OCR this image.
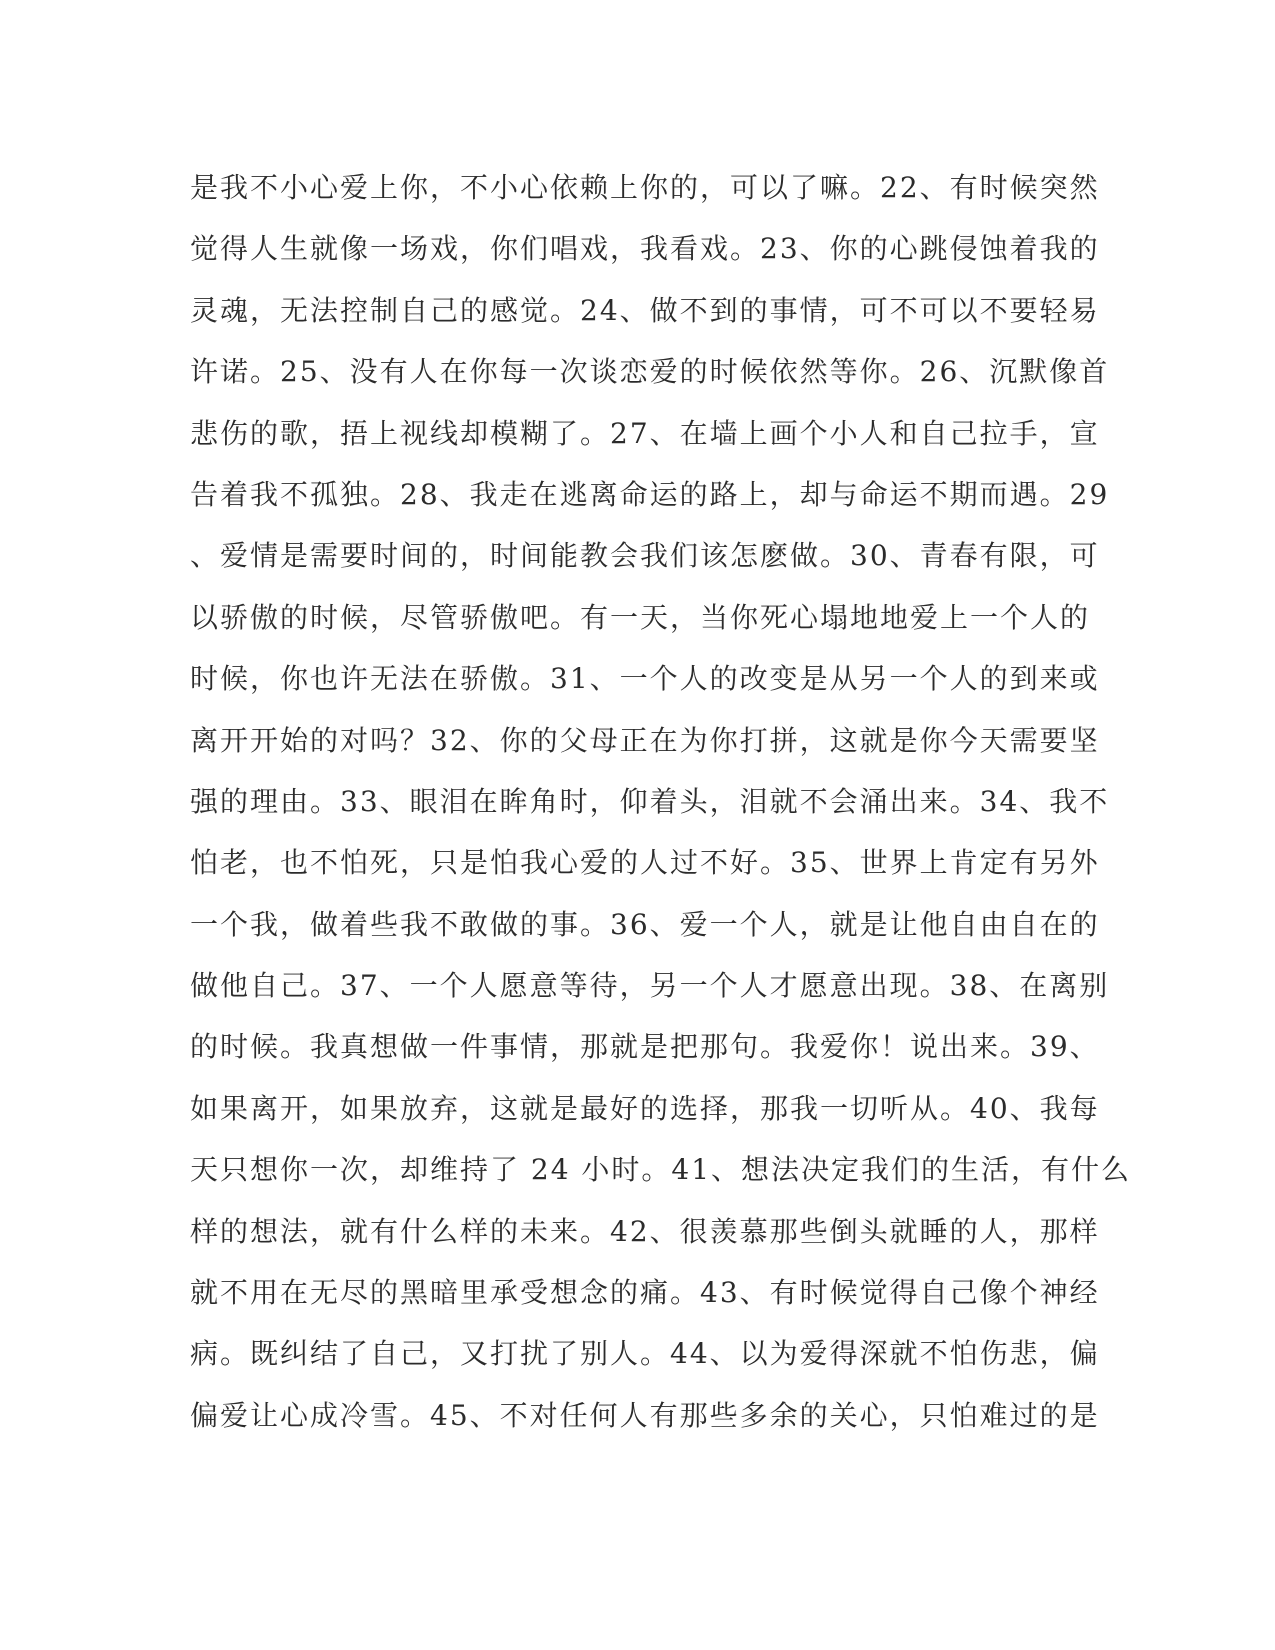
是我不小心爱上你，不小心依赖上你的，可以了嘛。22、有时候突然
觉得人生就像一场戏，你们唱戏，我看戏。23、你的心跳侵蚀着我的
灵魂，无法控制自己的感觉。24、做不到的事情，可不可以不要轻易
许诺。25、没有人在你每一次谈恋爱的时候依然等你。26、沉默像首
悲伤的歌，捂上视线却模糊了。27、在墙上画个小人和自己拉手，宣
告着我不孤独。28、我走在逃离命运的路上，却与命运不期而遇。29
、爱情是需要时间的，时间能教会我们该怎麽做。30、青春有限，可
以骄傲的时候，尽管骄傲吧。有一天，当你死心塌地地爱上一个人的
时候，你也许无法在骄傲。31、一个人的改变是从另一个人的到来或
离开开始的对吗？32、你的父母正在为你打拼，这就是你今天需要坚
强的理由。33、眼泪在眸角时，仰着头，泪就不会涌出来。34、我不
怕老，也不怕死，只是怕我心爱的人过不好。35、世界上肯定有另外
一个我，做着些我不敢做的事。36、爱一个人，就是让他自由自在的
做他自己。37、一个人愿意等待，另一个人才愿意出现。38、在离别
的时候。我真想做一件事情，那就是把那句。我爱你！说出来。39、
如果离开，如果放弃，这就是最好的选择，那我一切听从。40、我每
天只想你一次，却维持了 24 小时。41、想法决定我们的生活，有什么
样的想法，就有什么样的未来。42、很羡慕那些倒头就睡的人，那样
就不用在无尽的黑暗里承受想念的痛。43、有时候觉得自己像个神经
病。既纠结了自己，又打扰了别人。44、以为爱得深就不怕伤悲，偏
偏爱让心成冷雪。45、不对任何人有那些多余的关心，只怕难过的是
